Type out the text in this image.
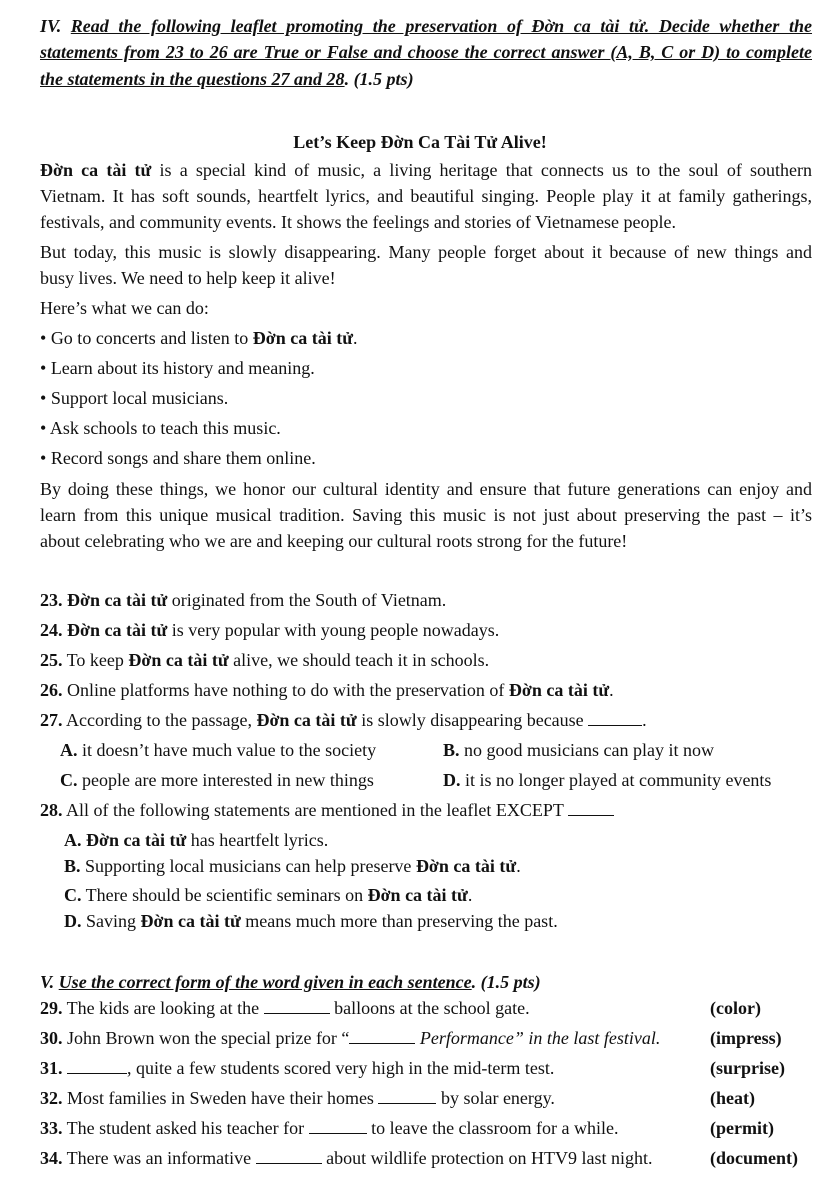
IV. Read the following leaflet promoting the preservation of Đờn ca tài tử. Decide whether the
statements from 23 to 26 are True or False and choose the correct answer (A, B, C or D) to complete
the statements in the questions 27 and 28. (1.5 pts)
Let’s Keep Đờn Ca Tài Tử Alive!
Đờn ca tài tử is a special kind of music, a living heritage that connects us to the soul of southern
Vietnam. It has soft sounds, heartfelt lyrics, and beautiful singing. People play it at family gatherings,
festivals, and community events. It shows the feelings and stories of Vietnamese people.
But today, this music is slowly disappearing. Many people forget about it because of new things and
busy lives. We need to help keep it alive!
Here’s what we can do:
• Go to concerts and listen to Đờn ca tài tử.
• Learn about its history and meaning.
• Support local musicians.
• Ask schools to teach this music.
• Record songs and share them online.
By doing these things, we honor our cultural identity and ensure that future generations can enjoy and
learn from this unique musical tradition. Saving this music is not just about preserving the past – it’s
about celebrating who we are and keeping our cultural roots strong for the future!
23. Đờn ca tài tử originated from the South of Vietnam.
24. Đờn ca tài tử is very popular with young people nowadays.
25. To keep Đờn ca tài tử alive, we should teach it in schools.
26. Online platforms have nothing to do with the preservation of Đờn ca tài tử.
27. According to the passage, Đờn ca tài tử is slowly disappearing because	.
A. it doesn’t have much value to the society	B. no good musicians can play it now
C. people are more interested in new things	D. it is no longer played at community events
28. All of the following statements are mentioned in the leaflet EXCEPT
A. Đờn ca tài tử has heartfelt lyrics.
B. Supporting local musicians can help preserve Đờn ca tài tử.
C. There should be scientific seminars on Đờn ca tài tử.
D. Saving Đờn ca tài tử means much more than preserving the past.
V. Use the correct form of the word given in each sentence. (1.5 pts)
29. The kids are looking at the	balloons at the school gate.	(color)
30. John Brown won the special prize for “	Performance” in the last festival.	(impress)
31.	, quite a few students scored very high in the mid-term test.	(surprise)
32. Most families in Sweden have their homes	by solar energy.	(heat)
33. The student asked his teacher for	to leave the classroom for a while.	(permit)
34. There was an informative	about wildlife protection on HTV9 last night.	(document)
